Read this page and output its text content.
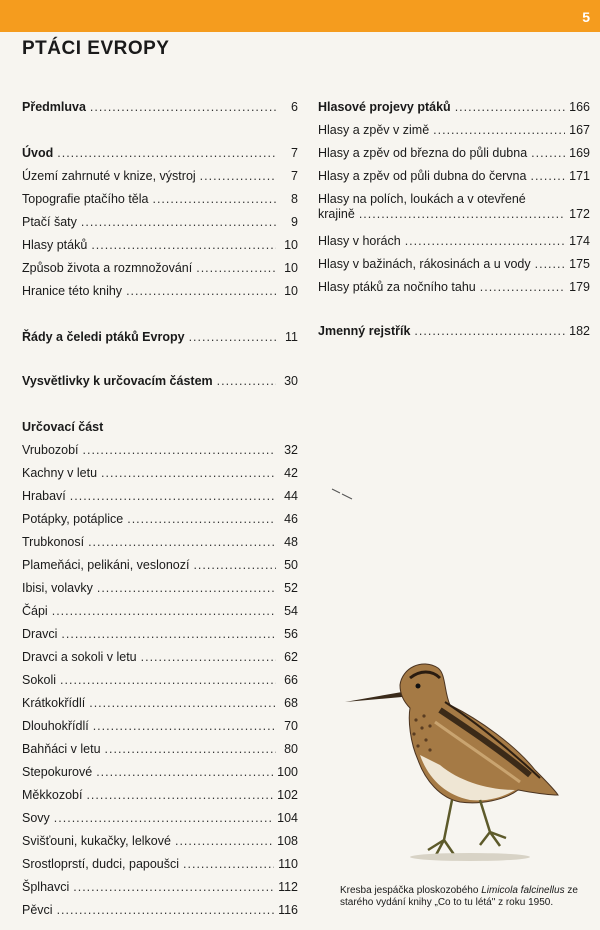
5
PTÁCI EVROPY
Předmluva .....	6
Úvod .....	7
Území zahrnuté v knize, výstroj .....	7
Topografie ptačího těla .....	8
Ptačí šaty .....	9
Hlasy ptáků .....	10
Způsob života a rozmnožování .....	10
Hranice této knihy .....	10
Řády a čeledi ptáků Evropy .....	11
Vysvětlivky k určovacím částem .....	30
Určovací část
Vrubozobí .....	32
Kachny v letu .....	42
Hrabaví .....	44
Potápky, potáplice .....	46
Trubkonosí .....	48
Plameňáci, pelikáni, veslonozí .....	50
Ibisi, volavky .....	52
Čápi .....	54
Dravci .....	56
Dravci a sokoli v letu .....	62
Sokoli .....	66
Krátkokřídlí .....	68
Dlouhokřídlí .....	70
Bahňáci v letu .....	80
Stepokurové .....	100
Měkkozobí .....	102
Sovy .....	104
Svišťouni, kukačky, lelkové .....	108
Srostloprstí, dudci, papoušci .....	110
Šplhavci .....	112
Pěvci .....	116
Hlasové projevy ptáků .....	166
Hlasy a zpěv v zimě .....	167
Hlasy a zpěv od března do půli dubna .....	169
Hlasy a zpěv od půli dubna do června .....	171
Hlasy na polích, loukách a v otevřené
krajině .....	172
Hlasy v horách .....	174
Hlasy v bažinách, rákosinách a u vody .....	175
Hlasy ptáků za nočního tahu .....	179
Jmenný rejstřík .....	182
Kresba jespáčka ploskozobého Limicola falcinellus ze starého vydání knihy „Co to tu létá" z roku 1950.
